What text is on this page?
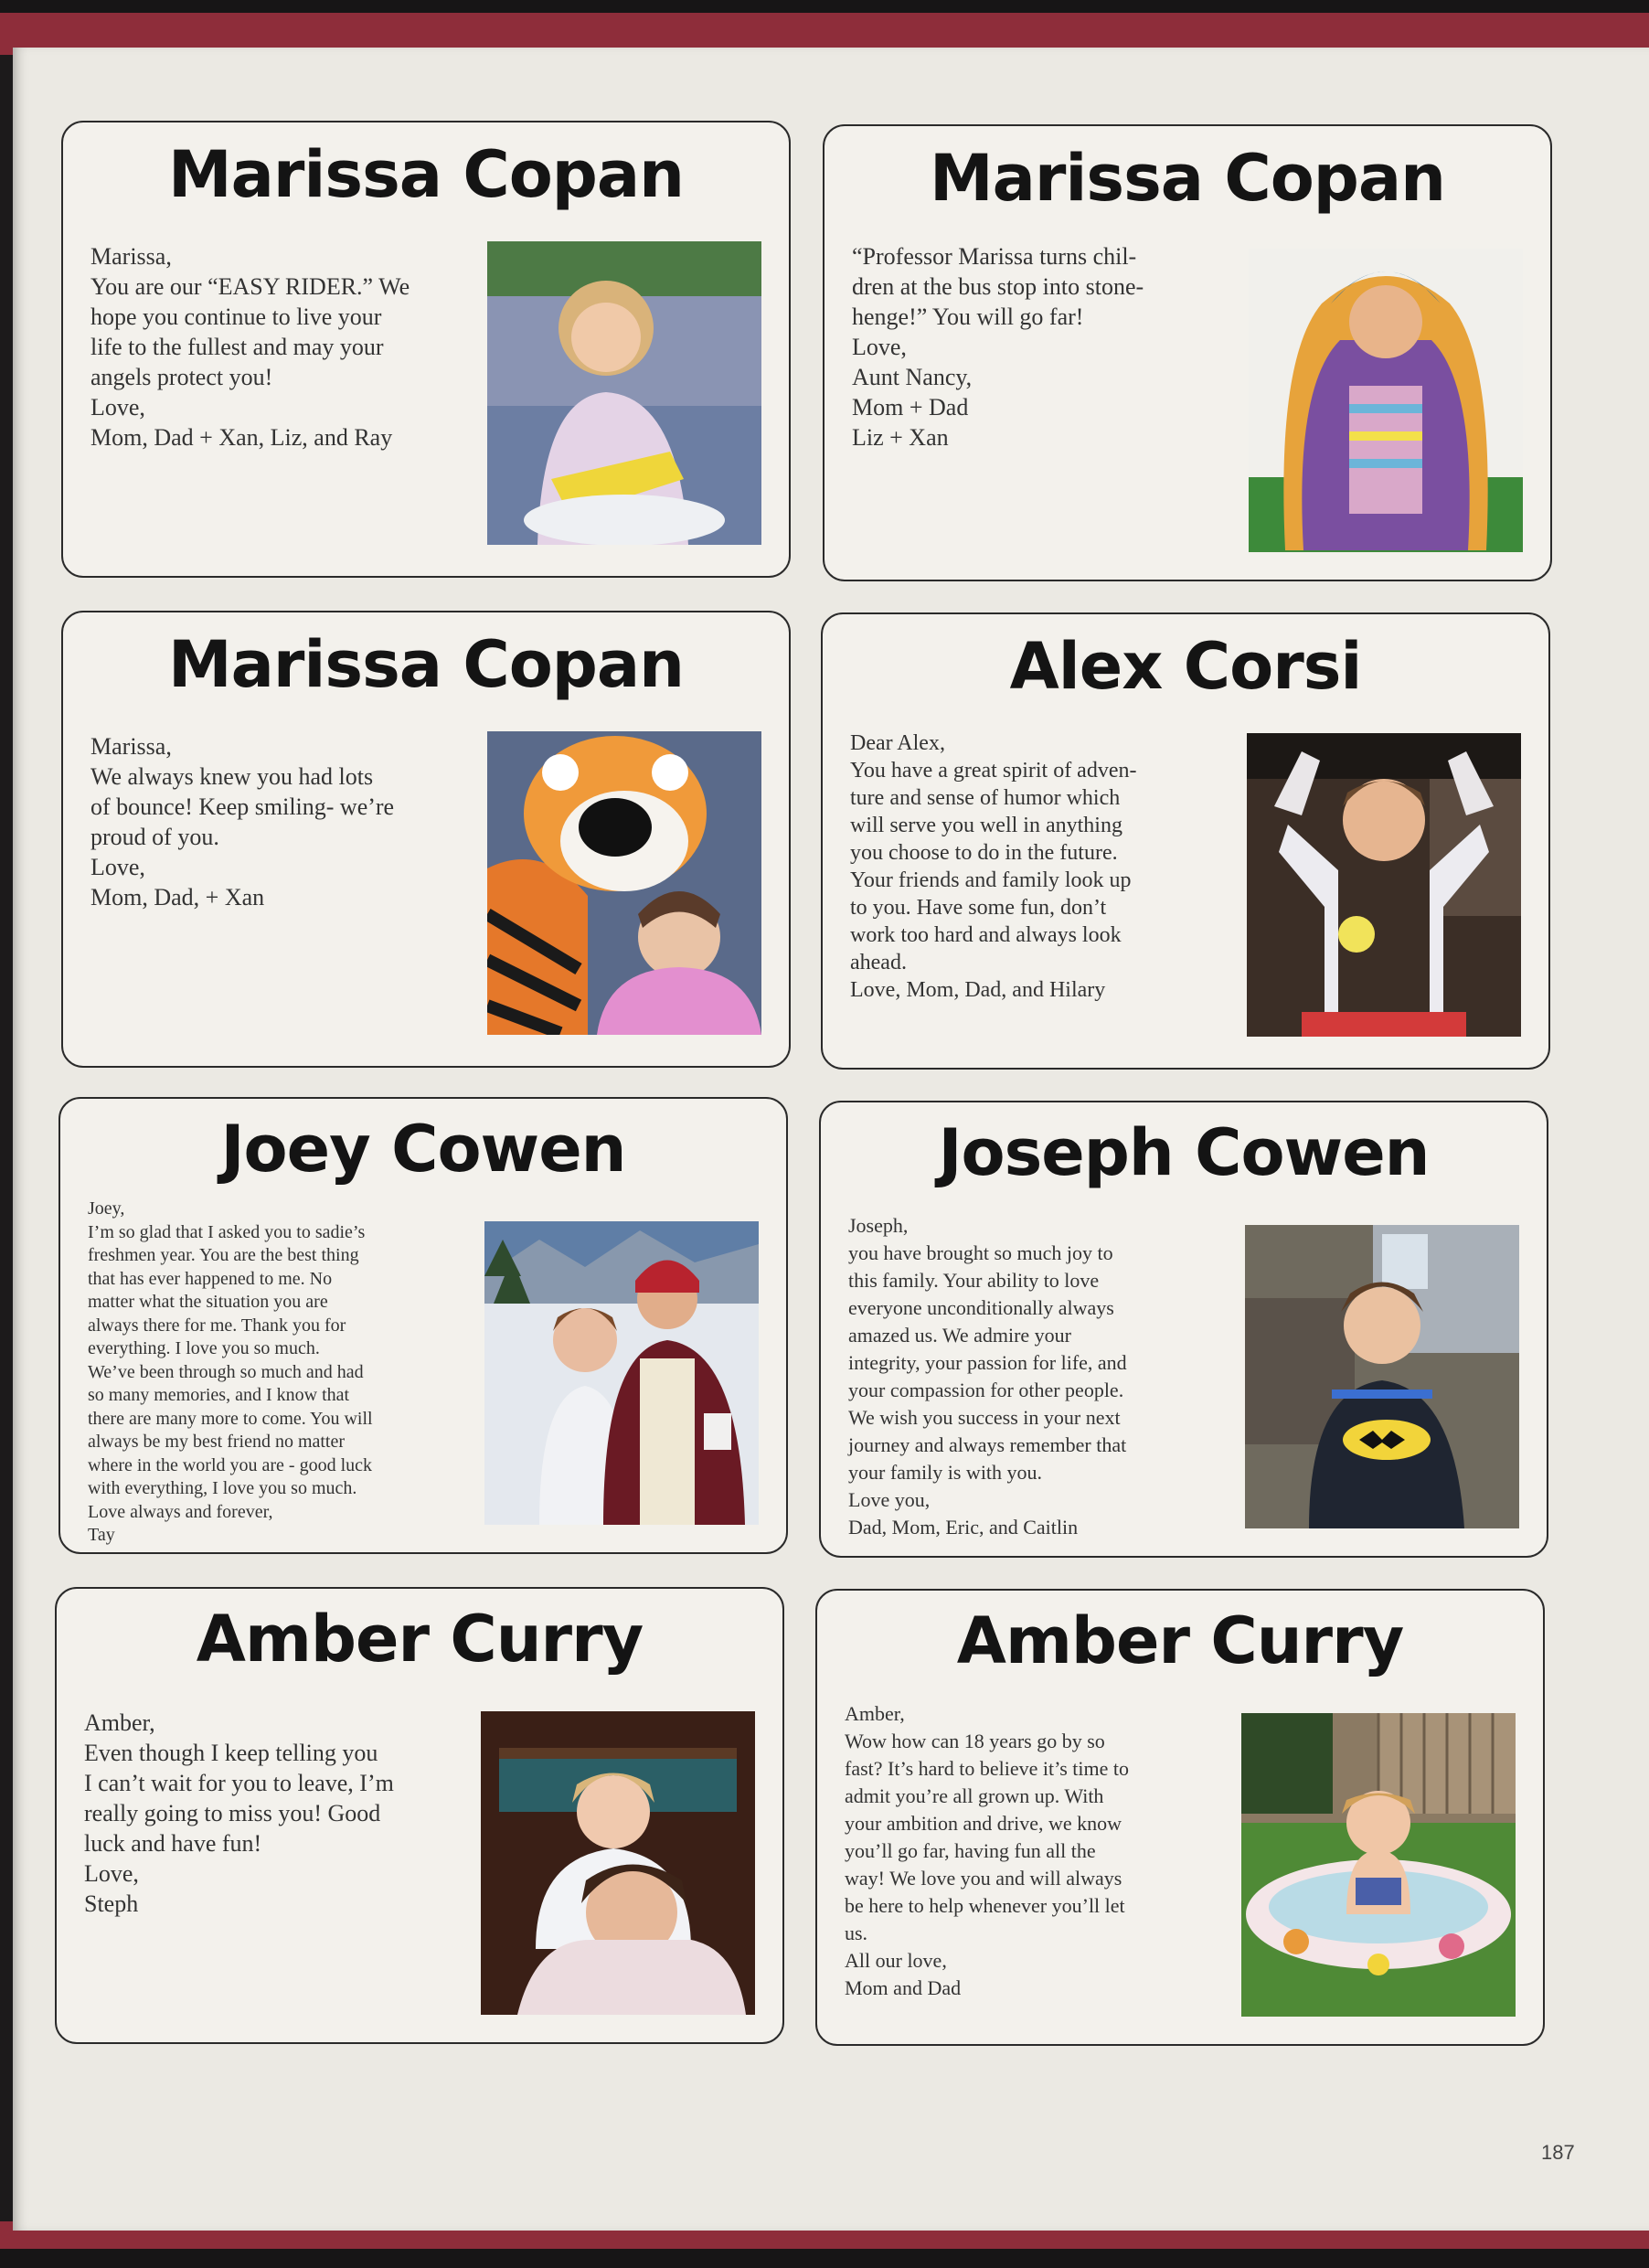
Marissa Copan
Marissa,
You are our “EASY RIDER.” We
hope you continue to live your
life to the fullest and may your
angels protect you!
Love,
Mom, Dad + Xan, Liz, and Ray
Marissa Copan
“Professor Marissa turns chil-
dren at the bus stop into stone-
henge!” You will go far!
Love,
Aunt Nancy,
Mom + Dad
Liz + Xan
Marissa Copan
Marissa,
We always knew you had lots
of bounce! Keep smiling- we’re
proud of you.
Love,
Mom, Dad, + Xan
Alex Corsi
Dear Alex,
You have a great spirit of adven-
ture and sense of humor which
will serve you well in anything
you choose to do in the future.
Your friends and family look up
to you. Have some fun, don’t
work too hard and always look
ahead.
Love, Mom, Dad, and Hilary
Joey Cowen
Joey,
I’m so glad that I asked you to sadie’s
freshmen year. You are the best thing
that has ever happened to me. No
matter what the situation you are
always there for me. Thank you for
everything. I love you so much.
We’ve been through so much and had
so many memories, and I know that
there are many more to come. You will
always be my best friend no matter
where in the world you are - good luck
with everything, I love you so much.
Love always and forever,
Tay
Joseph Cowen
Joseph,
you have brought so much joy to
this family. Your ability to love
everyone unconditionally always
amazed us. We admire your
integrity, your passion for life, and
your compassion for other people.
We wish you success in your next
journey and always remember that
your family is with you.
Love you,
Dad, Mom, Eric, and Caitlin
Amber Curry
Amber,
Even though I keep telling you
I can’t wait for you to leave, I’m
really going to miss you! Good
luck and have fun!
Love,
Steph
Amber Curry
Amber,
Wow how can 18 years go by so
fast? It’s hard to believe it’s time to
admit you’re all grown up. With
your ambition and drive, we know
you’ll go far, having fun all the
way! We love you and will always
be here to help whenever you’ll let
us.
All our love,
Mom and Dad
187
